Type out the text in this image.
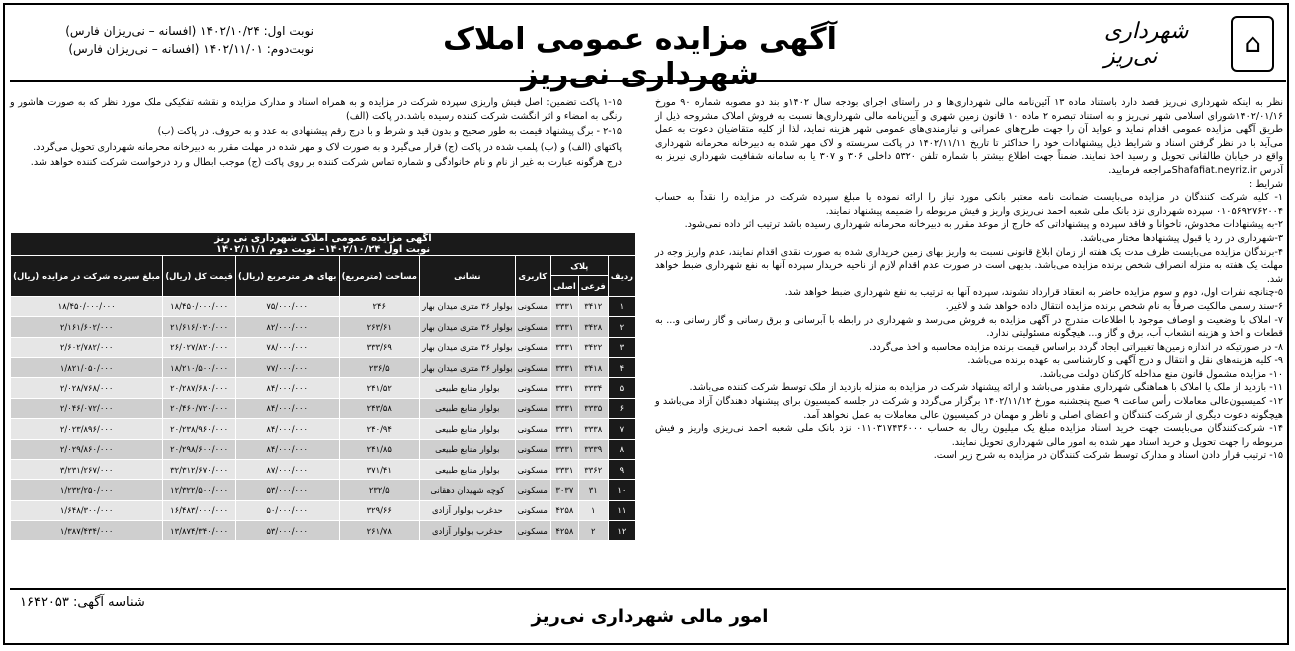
شهرداری نی‌ریز	⌂
آگهی مزایده عمومی املاک شهرداری نی‌ریز
نوبت اول: ۱۴۰۲/۱۰/۲۴ (افسانه – نی‌ریزان فارس)
نوبت‌دوم: ۱۴۰۲/۱۱/۰۱ (افسانه – نی‌ریزان فارس)

نظر به اینکه شهرداری نی‌ریز قصد دارد باستناد ماده ۱۳ آئین‌نامه مالی شهرداری‌ها و در راستای اجرای بودجه سال ۱۴۰۲و بند دو مصوبه شماره ۹۰ مورخ ۱۴۰۲/۰۱/۱۶شورای اسلامی شهر نی‌ریز و به استناد تبصره ۲ ماده ۱۰ قانون زمین شهری و آیین‌نامه مالی شهرداری‌ها نسبت به فروش املاک مشروحه ذیل از طریق آگهی مزایده عمومی اقدام نماید و عواید آن را جهت طرح‌های عمرانی و نیازمندی‌های عمومی شهر هزینه نماید، لذا از کلیه متقاضیان دعوت به عمل می‌آید با در نظر گرفتن اسناد و شرایط ذیل پیشنهادات خود را حداکثر تا تاریخ ۱۴۰۲/۱۱/۱۱ در پاکت سربسته و لاک مهر شده به دبیرخانه محرمانه شهرداری واقع در خیابان طالقانی تحویل و رسید اخذ نمایند. ضمناً جهت اطلاع بیشتر با شماره تلفن ۵۳۲۰ داخلی ۳۰۶ و ۳۰۷ یا به سامانه شفافیت شهرداری نیریز به آدرس Shafafiat.neyriz.irمراجعه فرمایید.

شرایط :

۱- کلیه شرکت کنندگان در مزایده می‌بایست ضمانت نامه معتبر بانکی مورد نیاز را ارائه نموده یا مبلغ سپرده شرکت در مزایده را نقداً به حساب ۰۱۰۵۶۹۲۷۶۲۰۰۴ سپرده شهرداری نزد بانک ملی شعبه احمد نی‌ریزی واریز و فیش مربوطه را ضمیمه پیشنهاد نمایند.

۲-به پیشنهادات مخدوش، تاخوانا و فاقد سپرده و پیشنهاداتی که خارج از موعد مقرر به دبیرخانه محرمانه شهرداری رسیده باشد ترتیب اثر داده نمی‌شود.

۳-شهرداری در رد یا قبول پیشنهادها مختار می‌باشد.

۴-برندگان مزایده می‌بایست ظرف مدت یک هفته از زمان ابلاغ قانونی نسبت به واریز بهای زمین خریداری شده به صورت نقدی اقدام نمایند، عدم واریز وجه در مهلت یک هفته به منزله انصراف شخص برنده مزایده می‌باشد. بدیهی است در صورت عدم اقدام لازم از ناحیه خریدار سپرده آنها به نفع شهرداری ضبط خواهد شد.

۵-چنانچه نفرات اول، دوم و سوم مزایده حاضر به انعقاد قرارداد نشوند، سپرده آنها به ترتیب به نفع شهرداری ضبط خواهد شد.

۶-سند رسمی مالکیت صرفاً به نام شخص برنده مزایده انتقال داده خواهد شد و لاغیر.

۷- املاک با وضعیت و اوصاف موجود با اطلاعات مندرج در آگهی مزایده به فروش می‌رسد و شهرداری در رابطه با آبرسانی و برق رسانی و گاز رسانی و... به قطعات و اخذ و هزینه انشعاب آب، برق و گاز و... هیچگونه مسئولیتی ندارد.

۸- در صورتیکه در اندازه زمین‌ها تغییراتی ایجاد گردد براساس قیمت برنده مزایده محاسبه و اخذ می‌گردد.

۹- کلیه هزینه‌های نقل و انتقال و درج آگهی و کارشناسی به عهده برنده می‌باشد.

۱۰- مزایده مشمول قانون منع مداخله کارکنان دولت می‌باشد.

۱۱- بازدید از ملک یا املاک با هماهنگی شهرداری مقدور می‌باشد و ارائه پیشنهاد شرکت در مزایده به منزله بازدید از ملک توسط شرکت کننده می‌باشد.

۱۲- کمیسیون‌عالی معاملات رأس ساعت ۹ صبح پنجشنبه مورخ ۱۴۰۲/۱۱/۱۲ برگزار می‌گردد و شرکت در جلسه کمیسیون برای پیشنهاد دهندگان آزاد می‌باشد و هیچگونه دعوت دیگری از شرکت کنندگان و اعضای اصلی و ناظر و مهمان در کمیسیون عالی معاملات به عمل نخواهد آمد.

۱۴- شرکت‌کنندگان می‌بایست جهت خرید اسناد مزایده مبلغ یک میلیون ریال به حساب ۰۱۱۰۳۱۷۴۳۶۰۰۰ نزد بانک ملی شعبه احمد نی‌ریزی واریز و فیش مربوطه را جهت تحویل و خرید اسناد مهر شده به امور مالی شهرداری تحویل نمایند.

۱۵- ترتیب قرار دادن اسناد و مدارک توسط شرکت کنندگان در مزایده به شرح زیر است.

۱-۱۵ پاکت تضمین: اصل فیش واریزی سپرده شرکت در مزایده و به همراه اسناد و مدارک مزایده و نقشه تفکیکی ملک مورد نظر که به صورت هاشور و رنگی به امضاء و اثر انگشت شرکت کننده رسیده باشد.در پاکت (الف)

۲-۱۵ - برگ پیشنهاد قیمت به طور صحیح و بدون قید و شرط و با درج رقم پیشنهادی به عدد و به حروف. در پاکت (ب)

پاکتهای (الف) و (ب) پلمب شده در پاکت (ج) قرار می‌گیرد و به صورت لاک و مهر شده در مهلت مقرر به دبیرخانه محرمانه شهرداری تحویل می‌گردد.

درج هرگونه عبارت به غیر از نام و نام خانوادگی و شماره تماس شرکت کننده بر روی پاکت (ج) موجب ابطال و رد درخواست شرکت کننده خواهد شد.

آگهی مزایده عمومی املاک شهرداری نی ریز
نوبت اول ۱۴۰۲/۱۰/۲۴– نوبت دوم ۱۴۰۲/۱۱/۱								

ردیف	پلاک		کاربری	نشانی	مساحت (مترمربع)	بهای هر مترمربع (ریال)	قیمت کل (ریال)	مبلغ سپرده شرکت در مزایده (ریال)
	فرعی	اصلی						
۱	۳۴۱۲	۳۳۳۱	مسکونی	بولوار ۳۶ متری میدان بهار	۲۴۶	۷۵/۰۰۰/۰۰۰	۱۸/۴۵۰/۰۰۰/۰۰۰	۱۸/۴۵۰/۰۰۰/۰۰۰
۲	۳۴۲۸	۳۳۳۱	مسکونی	بولوار ۳۶ متری میدان بهار	۲۶۳/۶۱	۸۲/۰۰۰/۰۰۰	۲۱/۶۱۶/۰۲۰/۰۰۰	۲/۱۶۱/۶۰۲/۰۰۰
۳	۳۴۲۲	۳۳۳۱	مسکونی	بولوار ۳۶ متری میدان بهار	۳۳۳/۶۹	۷۸/۰۰۰/۰۰۰	۲۶/۰۲۷/۸۲۰/۰۰۰	۲/۶۰۲/۷۸۲/۰۰۰
۴	۳۴۱۸	۳۳۳۱	مسکونی	بولوار ۳۶ متری میدان بهار	۲۳۶/۵	۷۷/۰۰۰/۰۰۰	۱۸/۲۱۰/۵۰۰/۰۰۰	۱/۸۲۱/۰۵۰/۰۰۰
۵	۳۳۳۴	۳۳۳۱	مسکونی	بولوار منابع طبیعی	۲۴۱/۵۲	۸۴/۰۰۰/۰۰۰	۲۰/۲۸۷/۶۸۰/۰۰۰	۲/۰۲۸/۷۶۸/۰۰۰
۶	۳۳۳۵	۳۳۳۱	مسکونی	بولوار منابع طبیعی	۲۴۳/۵۸	۸۴/۰۰۰/۰۰۰	۲۰/۴۶۰/۷۲۰/۰۰۰	۲/۰۴۶/۰۷۲/۰۰۰
۷	۳۳۳۸	۳۳۳۱	مسکونی	بولوار منابع طبیعی	۲۴۰/۹۴	۸۴/۰۰۰/۰۰۰	۲۰/۲۳۸/۹۶۰/۰۰۰	۲/۰۲۳/۸۹۶/۰۰۰
۸	۳۳۳۹	۳۳۳۱	مسکونی	بولوار منابع طبیعی	۲۴۱/۸۵	۸۴/۰۰۰/۰۰۰	۲۰/۲۹۸/۶۰۰/۰۰۰	۲/۰۲۹/۸۶۰/۰۰۰
۹	۳۳۶۲	۳۳۳۱	مسکونی	بولوار منابع طبیعی	۳۷۱/۴۱	۸۷/۰۰۰/۰۰۰	۳۲/۳۱۲/۶۷۰/۰۰۰	۳/۲۳۱/۲۶۷/۰۰۰
۱۰	۳۱	۳۰۳۷	مسکونی	کوچه شهیدان دهقانی	۲۳۲/۵	۵۳/۰۰۰/۰۰۰	۱۲/۳۲۲/۵۰۰/۰۰۰	۱/۲۳۲/۲۵۰/۰۰۰
۱۱	۱	۴۲۵۸	مسکونی	حدغرب بولوار آزادی	۳۲۹/۶۶	۵۰/۰۰۰/۰۰۰	۱۶/۴۸۳/۰۰۰/۰۰۰	۱/۶۴۸/۳۰۰/۰۰۰
۱۲	۲	۴۲۵۸	مسکونی	حدغرب بولوار آزادی	۲۶۱/۷۸	۵۳/۰۰۰/۰۰۰	۱۳/۸۷۴/۳۴۰/۰۰۰	۱/۳۸۷/۴۳۴/۰۰۰
شناسه آگهی: ۱۶۴۲۰۵۳
امور مالی شهرداری نی‌ریز
